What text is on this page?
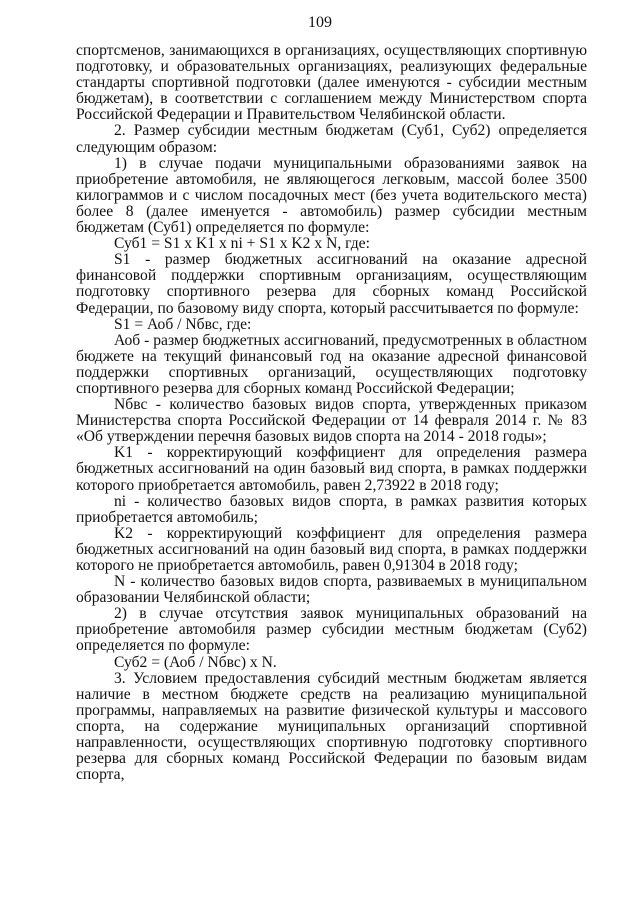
109

спортсменов, занимающихся в организациях, осуществляющих спортивную подготовку, и образовательных организациях, реализующих федеральные стандарты спортивной подготовки (далее именуются - субсидии местным бюджетам), в соответствии с соглашением между Министерством спорта Российской Федерации и Правительством Челябинской области.

2. Размер субсидии местным бюджетам (Суб1, Суб2) определяется следующим образом:

1) в случае подачи муниципальными образованиями заявок на приобретение автомобиля, не являющегося легковым, массой более 3500 килограммов и с числом посадочных мест (без учета водительского места) более 8 (далее именуется - автомобиль) размер субсидии местным бюджетам (Суб1) определяется по формуле:

Суб1 = S1 x K1 x ni + S1 x K2 x N, где:

S1 - размер бюджетных ассигнований на оказание адресной финансовой поддержки спортивным организациям, осуществляющим подготовку спортивного резерва для сборных команд Российской Федерации, по базовому виду спорта, который рассчитывается по формуле:

S1 = Аоб / Nбвс, где:

Аоб - размер бюджетных ассигнований, предусмотренных в областном бюджете на текущий финансовый год на оказание адресной финансовой поддержки спортивных организаций, осуществляющих подготовку спортивного резерва для сборных команд Российской Федерации;

Nбвс - количество базовых видов спорта, утвержденных приказом Министерства спорта Российской Федерации от 14 февраля 2014 г. № 83 «Об утверждении перечня базовых видов спорта на 2014 - 2018 годы»;

K1 - корректирующий коэффициент для определения размера бюджетных ассигнований на один базовый вид спорта, в рамках поддержки которого приобретается автомобиль, равен 2,73922 в 2018 году;

ni - количество базовых видов спорта, в рамках развития которых приобретается автомобиль;

K2 - корректирующий коэффициент для определения размера бюджетных ассигнований на один базовый вид спорта, в рамках поддержки которого не приобретается автомобиль, равен 0,91304 в 2018 году;

N - количество базовых видов спорта, развиваемых в муниципальном образовании Челябинской области;

2) в случае отсутствия заявок муниципальных образований на приобретение автомобиля размер субсидии местным бюджетам (Суб2) определяется по формуле:

Суб2 = (Аоб / Nбвс) x N.

3. Условием предоставления субсидий местным бюджетам является наличие в местном бюджете средств на реализацию муниципальной программы, направляемых на развитие физической культуры и массового спорта, на содержание муниципальных организаций спортивной направленности, осуществляющих спортивную подготовку спортивного резерва для сборных команд Российской Федерации по базовым видам спорта,
